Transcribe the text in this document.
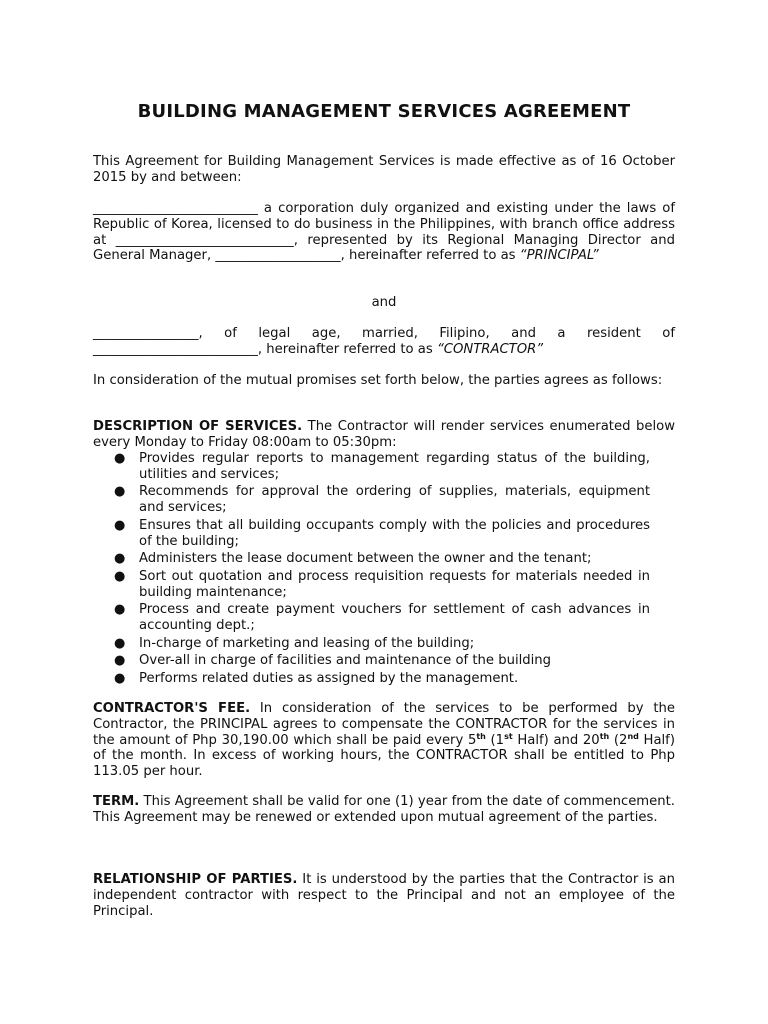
BUILDING MANAGEMENT SERVICES AGREEMENT

This Agreement for Building Management Services is made effective as of 16 October 2015 by and between:

_________________________ a corporation duly organized and existing under the laws of Republic of Korea, licensed to do business in the Philippines, with branch office address at ___________________________, represented by its Regional Managing Director and General Manager, ___________________, hereinafter referred to as “PRINCIPAL”

and

________________, of legal age, married, Filipino, and a resident of _________________________, hereinafter referred to as “CONTRACTOR”

In consideration of the mutual promises set forth below, the parties agrees as follows:

DESCRIPTION OF SERVICES. The Contractor will render services enumerated below every Monday to Friday 08:00am to 05:30pm:

● Provides regular reports to management regarding status of the building, utilities and services;
● Recommends for approval the ordering of supplies, materials, equipment and services;
● Ensures that all building occupants comply with the policies and procedures of the building;
● Administers the lease document between the owner and the tenant;
● Sort out quotation and process requisition requests for materials needed in building maintenance;
● Process and create payment vouchers for settlement of cash advances in accounting dept.;
● In-charge of marketing and leasing of the building;
● Over-all in charge of facilities and maintenance of the building
● Performs related duties as assigned by the management.

CONTRACTOR'S FEE. In consideration of the services to be performed by the Contractor, the PRINCIPAL agrees to compensate the CONTRACTOR for the services in the amount of Php 30,190.00 which shall be paid every 5th (1st Half) and 20th (2nd Half) of the month. In excess of working hours, the CONTRACTOR shall be entitled to Php 113.05 per hour.

TERM. This Agreement shall be valid for one (1) year from the date of commencement. This Agreement may be renewed or extended upon mutual agreement of the parties.

RELATIONSHIP OF PARTIES. It is understood by the parties that the Contractor is an independent contractor with respect to the Principal and not an employee of the Principal.
